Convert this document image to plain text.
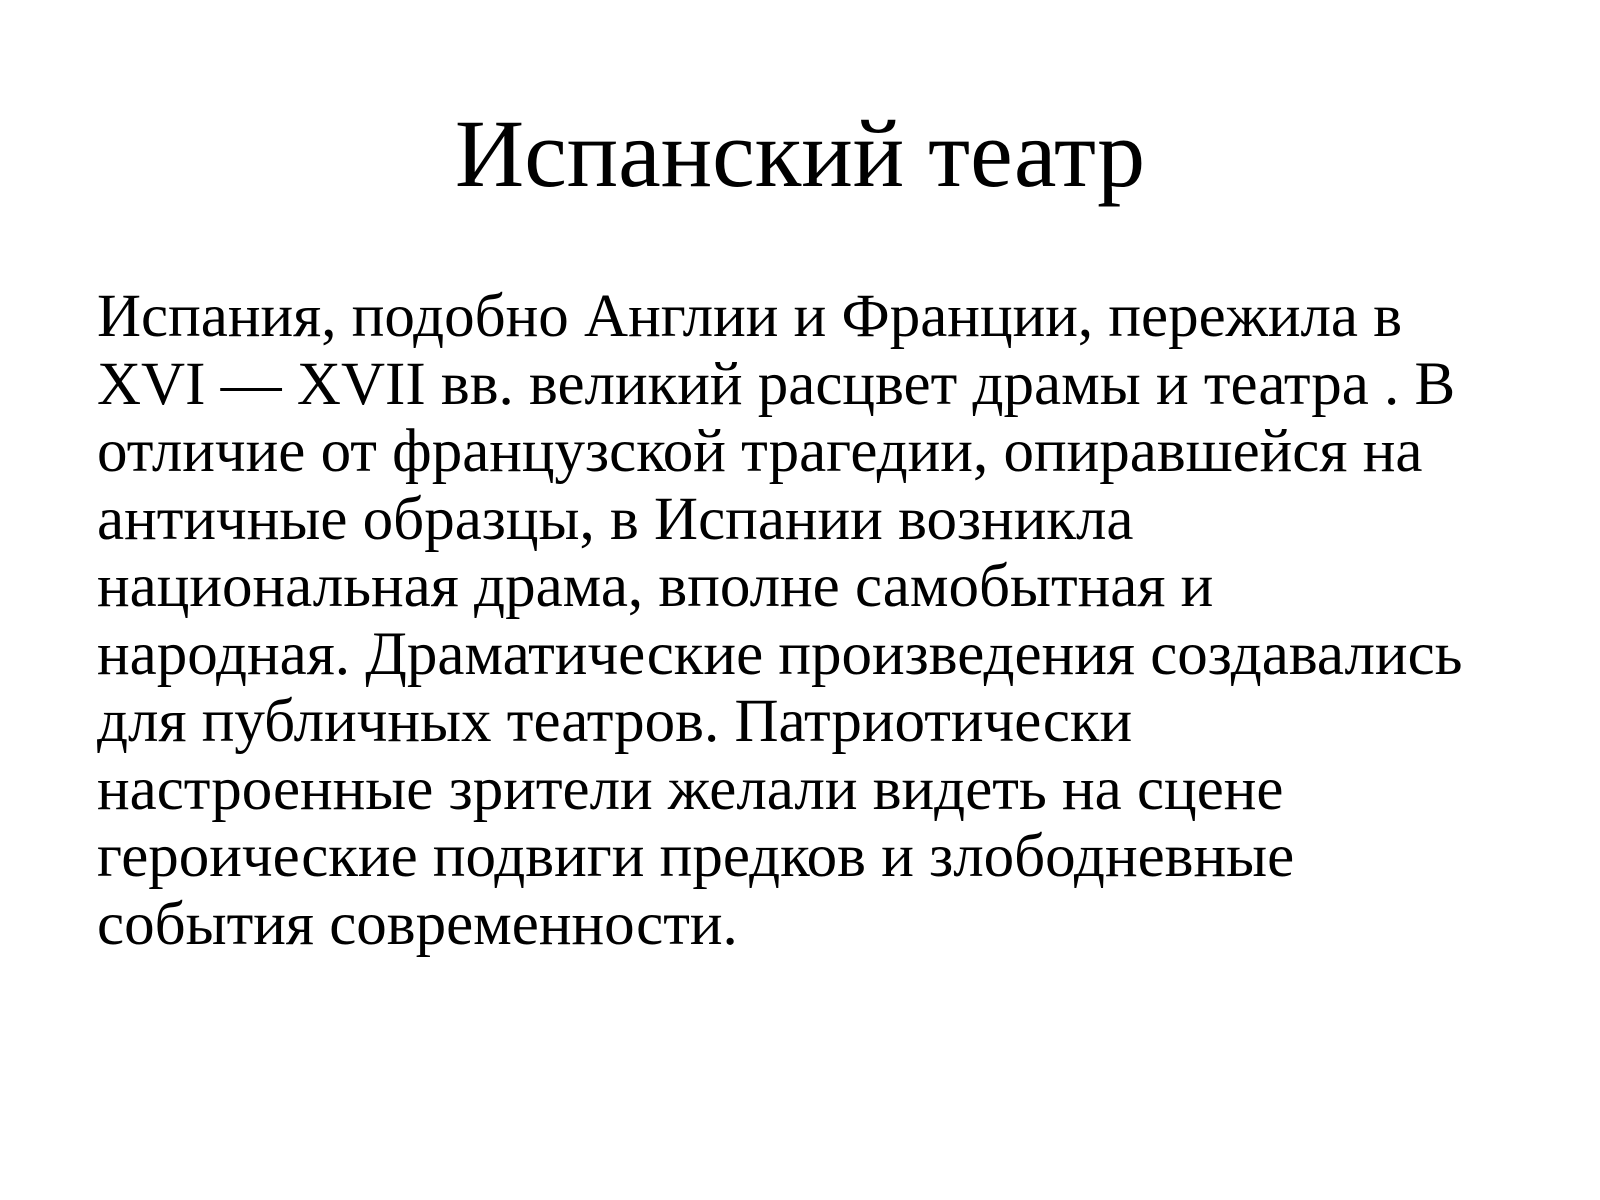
Испанский театр
Испания, подобно Англии и Франции, пережила в
XVI — XVII вв. великий расцвет драмы и театра . В
отличие от французской трагедии, опиравшейся на
античные образцы, в Испании возникла
национальная драма, вполне самобытная и
народная. Драматические произведения создавались
для публичных театров. Патриотически
настроенные зрители желали видеть на сцене
героические подвиги предков и злободневные
события современности.
